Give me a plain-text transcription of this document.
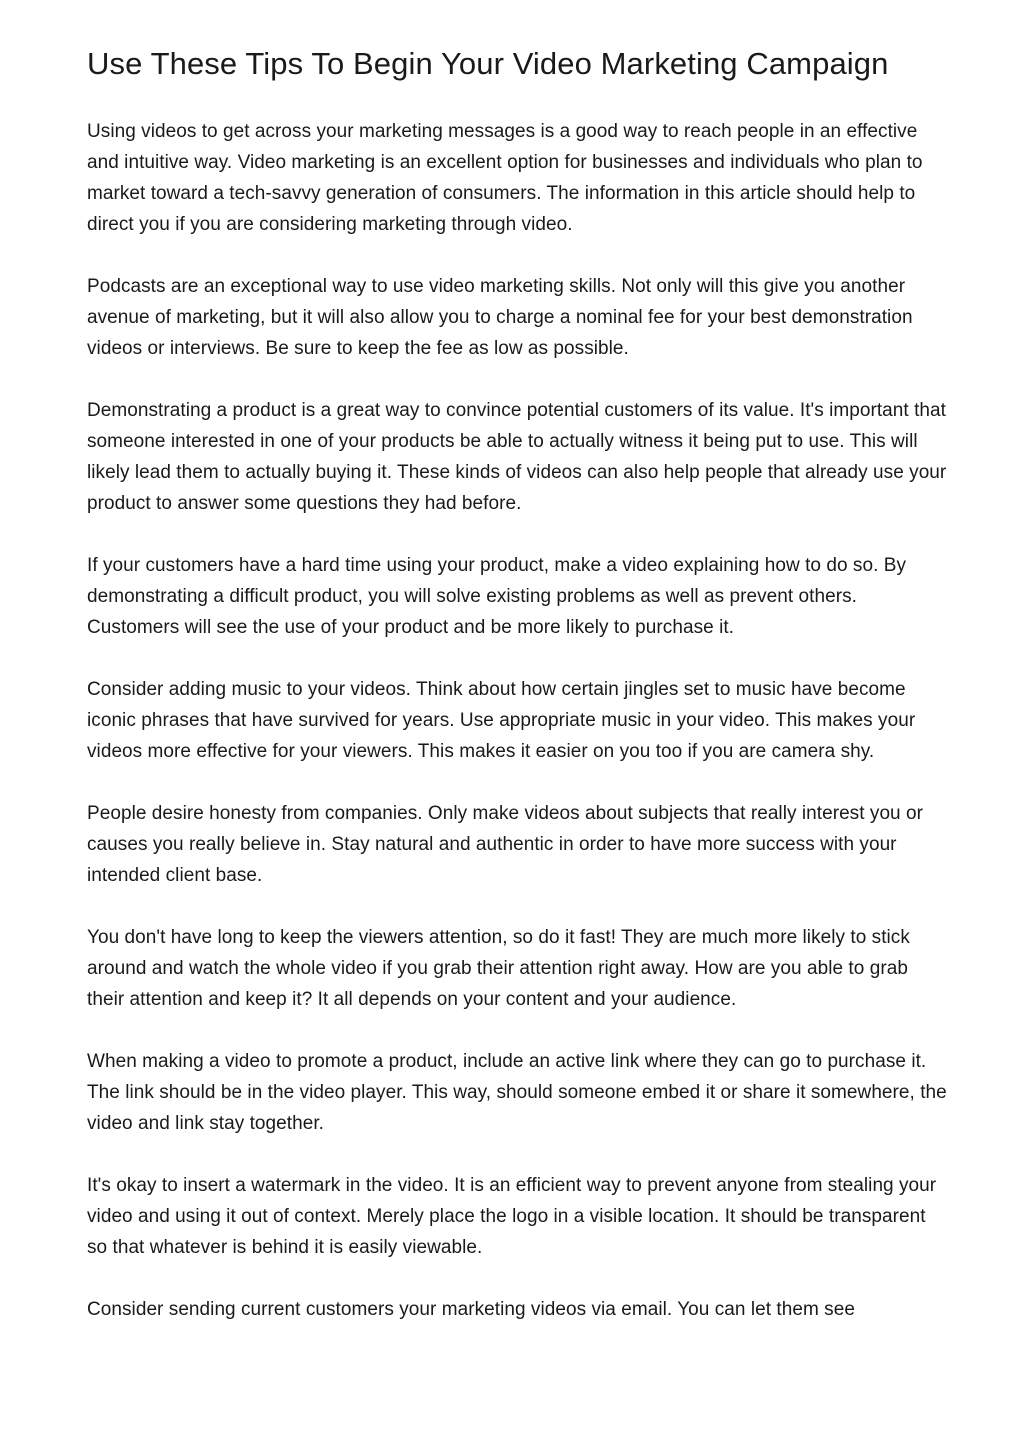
Use These Tips To Begin Your Video Marketing Campaign

Using videos to get across your marketing messages is a good way to reach people in an effective and intuitive way. Video marketing is an excellent option for businesses and individuals who plan to market toward a tech-savvy generation of consumers. The information in this article should help to direct you if you are considering marketing through video.

Podcasts are an exceptional way to use video marketing skills. Not only will this give you another avenue of marketing, but it will also allow you to charge a nominal fee for your best demonstration videos or interviews. Be sure to keep the fee as low as possible.

Demonstrating a product is a great way to convince potential customers of its value. It's important that someone interested in one of your products be able to actually witness it being put to use. This will likely lead them to actually buying it. These kinds of videos can also help people that already use your product to answer some questions they had before.

If your customers have a hard time using your product, make a video explaining how to do so. By demonstrating a difficult product, you will solve existing problems as well as prevent others. Customers will see the use of your product and be more likely to purchase it.

Consider adding music to your videos. Think about how certain jingles set to music have become iconic phrases that have survived for years. Use appropriate music in your video. This makes your videos more effective for your viewers. This makes it easier on you too if you are camera shy.

People desire honesty from companies. Only make videos about subjects that really interest you or causes you really believe in. Stay natural and authentic in order to have more success with your intended client base.

You don't have long to keep the viewers attention, so do it fast! They are much more likely to stick around and watch the whole video if you grab their attention right away. How are you able to grab their attention and keep it? It all depends on your content and your audience.

When making a video to promote a product, include an active link where they can go to purchase it. The link should be in the video player. This way, should someone embed it or share it somewhere, the video and link stay together.

It's okay to insert a watermark in the video. It is an efficient way to prevent anyone from stealing your video and using it out of context. Merely place the logo in a visible location. It should be transparent so that whatever is behind it is easily viewable.

Consider sending current customers your marketing videos via email. You can let them see
